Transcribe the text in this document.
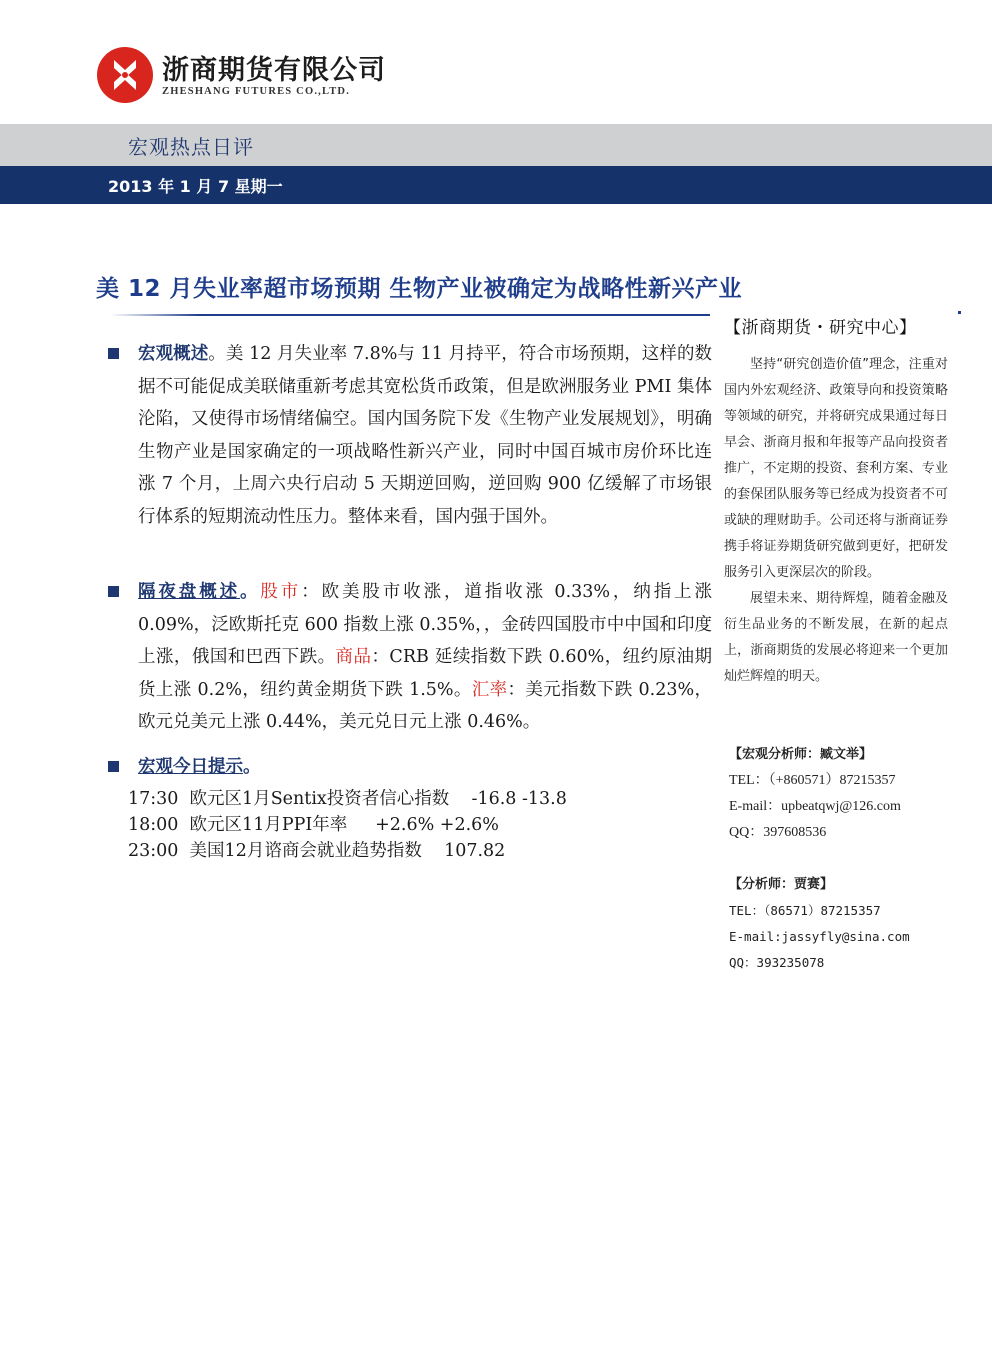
浙商期货有限公司
ZHESHANG FUTURES CO.,LTD.
宏观热点日评
2013 年 1 月 7 星期一
美 12 月失业率超市场预期 生物产业被确定为战略性新兴产业
宏观概述。美 12 月失业率 7.8%与 11 月持平，符合市场预期，这样的数据不可能促成美联储重新考虑其宽松货币政策，但是欧洲服务业 PMI 集体沦陷，又使得市场情绪偏空。国内国务院下发《生物产业发展规划》，明确生物产业是国家确定的一项战略性新兴产业，同时中国百城市房价环比连涨 7 个月，上周六央行启动 5 天期逆回购，逆回购 900 亿缓解了市场银行体系的短期流动性压力。整体来看，国内强于国外。
隔夜盘概述。股市：欧美股市收涨，道指收涨 0.33%，纳指上涨 0.09%，泛欧斯托克 600 指数上涨 0.35%，，金砖四国股市中中国和印度上涨，俄国和巴西下跌。商品：CRB 延续指数下跌 0.60%，纽约原油期货上涨 0.2%，纽约黄金期货下跌 1.5%。汇率：美元指数下跌 0.23%，欧元兑美元上涨 0.44%，美元兑日元上涨 0.46%。
宏观今日提示。
17:30  欧元区1月Sentix投资者信心指数    -16.8 -13.8
18:00  欧元区11月PPI年率     +2.6% +2.6%
23:00  美国12月谘商会就业趋势指数    107.82
【浙商期货・研究中心】

坚持“研究创造价值”理念，注重对国内外宏观经济、政策导向和投资策略等领域的研究，并将研究成果通过每日早会、浙商月报和年报等产品向投资者推广，不定期的投资、套利方案、专业的套保团队服务等已经成为投资者不可或缺的理财助手。公司还将与浙商证券携手将证券期货研究做到更好，把研发服务引入更深层次的阶段。

展望未来、期待辉煌，随着金融及衍生品业务的不断发展，在新的起点上，浙商期货的发展必将迎来一个更加灿烂辉煌的明天。

【宏观分析师：臧文举】
TEL：（+860571）87215357
E-mail：upbeatqwj@126.com
QQ：397608536
【分析师：贾赛】
TEL：（86571）87215357
E-mail:jassyfly@sina.com
QQ：393235078
